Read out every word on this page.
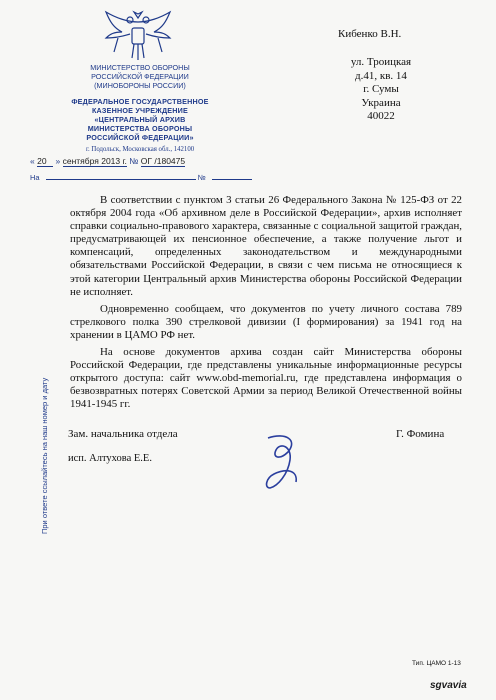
МИНИСТЕРСТВО ОБОРОНЫ
РОССИЙСКОЙ ФЕДЕРАЦИИ
(МИНОБОРОНЫ РОССИИ)
ФЕДЕРАЛЬНОЕ ГОСУДАРСТВЕННОЕ
КАЗЕННОЕ УЧРЕЖДЕНИЕ
«ЦЕНТРАЛЬНЫЙ АРХИВ
МИНИСТЕРСТВА ОБОРОНЫ
РОССИЙСКОЙ ФЕДЕРАЦИИ»
г. Подольск, Московская обл., 142100
« 20 » сентября 2013 г. № ОГ /180475
На	№
Кибенко В.Н.
ул. Троицкая
д.41, кв. 14
г. Сумы
Украина
40022

В соответствии с пунктом 3 статьи 26 Федерального Закона № 125-ФЗ от 22 октября 2004 года «Об архивном деле в Российской Федерации», архив исполняет справки социально-правового характера, связанные с социальной защитой граждан, предусматривающей их пенсионное обеспечение, а также получение льгот и компенсаций, определенных законодательством и международными обязательствами Российской Федерации, в связи с чем письма не относящиеся к этой категории Центральный архив Министерства обороны Российской Федерации не исполняет.

Одновременно сообщаем, что документов по учету личного состава 789 стрелкового полка 390 стрелковой дивизии (I формирования) за 1941 год на хранении в ЦАМО РФ нет.

На основе документов архива создан сайт Министерства обороны Российской Федерации, где представлены уникальные информационные ресурсы открытого доступа: сайт www.obd-memorial.ru, где представлена информация о безвозвратных потерях Советской Армии за период Великой Отечественной войны 1941-1945 гг.

Зам. начальника отдела	Г. Фомина
исп. Алтухова Е.Е.
При ответе ссылайтесь на наш номер и дату
Тип. ЦАМО 1-13
sgvavia
